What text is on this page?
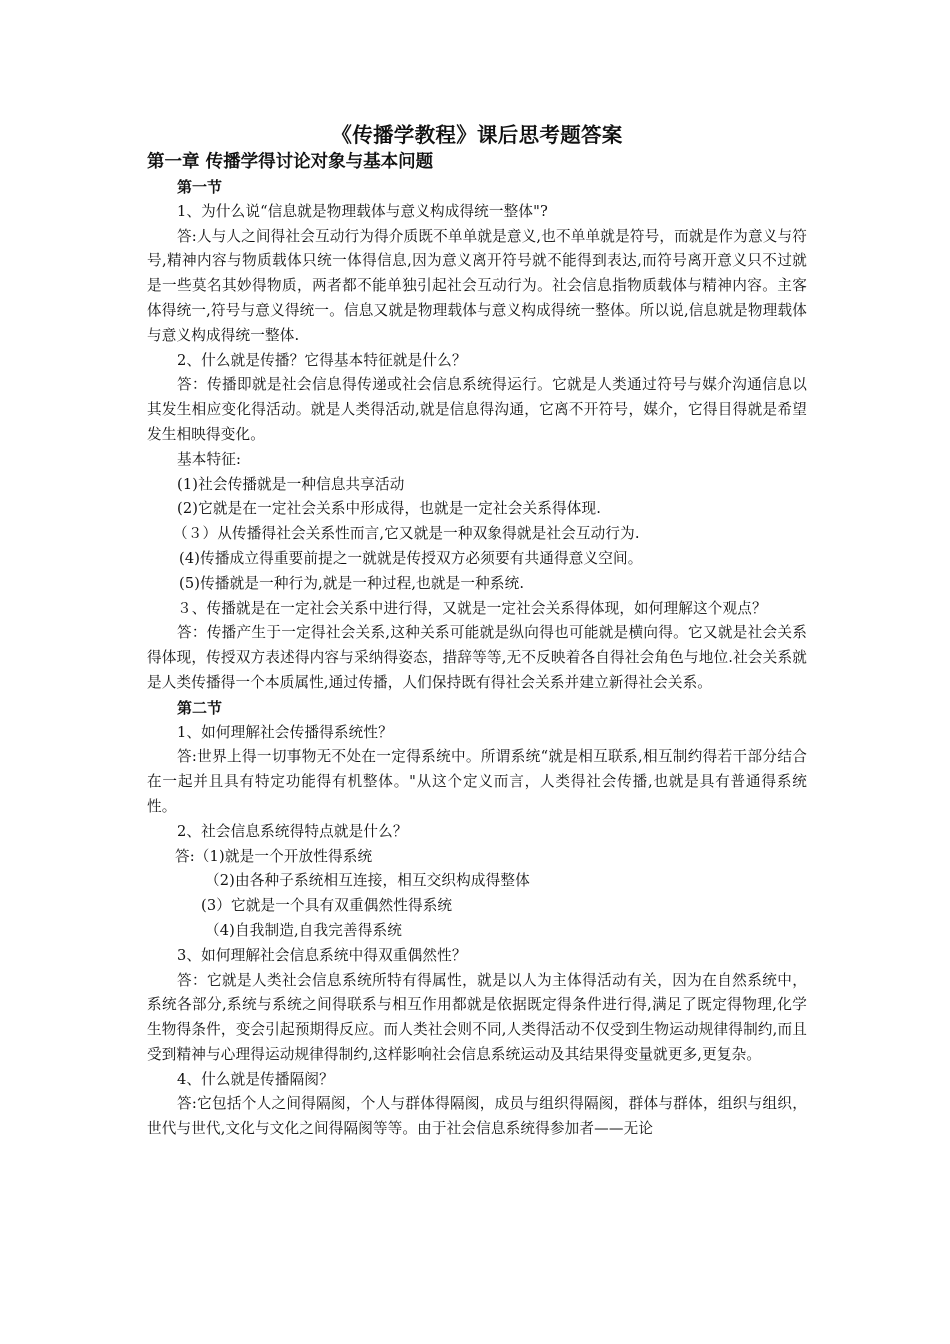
《传播学教程》课后思考题答案
第一章 传播学得讨论对象与基本问题
第一节

1、为什么说“信息就是物理载体与意义构成得统一整体"?

答:人与人之间得社会互动行为得介质既不单单就是意义,也不单单就是符号，而就是作为意义与符号,精神内容与物质载体只统一体得信息,因为意义离开符号就不能得到表达,而符号离开意义只不过就是一些莫名其妙得物质，两者都不能单独引起社会互动行为。社会信息指物质载体与精神内容。主客体得统一,符号与意义得统一。信息又就是物理载体与意义构成得统一整体。所以说,信息就是物理载体与意义构成得统一整体.

2、什么就是传播？它得基本特征就是什么？

答：传播即就是社会信息得传递或社会信息系统得运行。它就是人类通过符号与媒介沟通信息以其发生相应变化得活动。就是人类得活动,就是信息得沟通，它离不开符号，媒介，它得目得就是希望发生相映得变化。

基本特征:

(1)社会传播就是一种信息共享活动

(2)它就是在一定社会关系中形成得，也就是一定社会关系得体现.

（３）从传播得社会关系性而言,它又就是一种双象得就是社会互动行为.

(4)传播成立得重要前提之一就就是传授双方必须要有共通得意义空间。

(5)传播就是一种行为,就是一种过程,也就是一种系统.

３、传播就是在一定社会关系中进行得，又就是一定社会关系得体现，如何理解这个观点？

答：传播产生于一定得社会关系,这种关系可能就是纵向得也可能就是横向得。它又就是社会关系得体现，传授双方表述得内容与采纳得姿态，措辞等等,无不反映着各自得社会角色与地位.社会关系就是人类传播得一个本质属性,通过传播，人们保持既有得社会关系并建立新得社会关系。

第二节

1、如何理解社会传播得系统性？

答:世界上得一切事物无不处在一定得系统中。所谓系统“就是相互联系,相互制约得若干部分结合在一起并且具有特定功能得有机整体。"从这个定义而言，人类得社会传播,也就是具有普通得系统性。

2、社会信息系统得特点就是什么？

答:（1)就是一个开放性得系统

（2)由各种子系统相互连接，相互交织构成得整体

(3）它就是一个具有双重偶然性得系统

（4)自我制造,自我完善得系统

3、如何理解社会信息系统中得双重偶然性？

答：它就是人类社会信息系统所特有得属性，就是以人为主体得活动有关，因为在自然系统中，系统各部分,系统与系统之间得联系与相互作用都就是依据既定得条件进行得,满足了既定得物理,化学生物得条件，变会引起预期得反应。而人类社会则不同,人类得活动不仅受到生物运动规律得制约,而且受到精神与心理得运动规律得制约,这样影响社会信息系统运动及其结果得变量就更多,更复杂。

4、什么就是传播隔阂？

答:它包括个人之间得隔阂，个人与群体得隔阂，成员与组织得隔阂，群体与群体，组织与组织，世代与世代,文化与文化之间得隔阂等等。由于社会信息系统得参加者——无论
